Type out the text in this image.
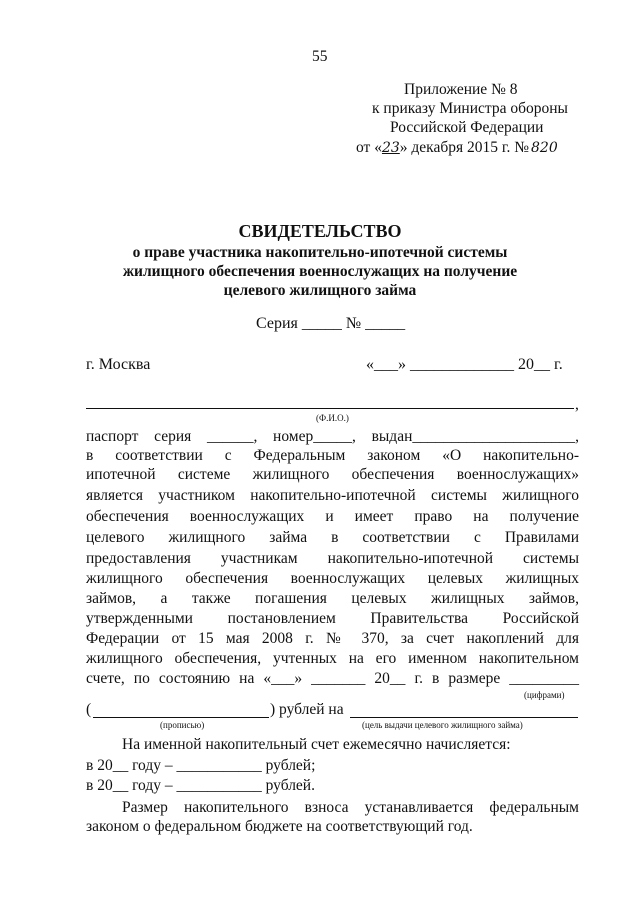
55
Приложение № 8
к приказу Министра обороны
Российской Федерации
от «23» декабря 2015 г. № 820
СВИДЕТЕЛЬСТВО
о праве участника накопительно-ипотечной системы
жилищного обеспечения военнослужащих на получение
целевого жилищного займа
Серия _____ № _____
г. Москва	«___» _____________ 20__ г.
,
(Ф.И.О.)
паспорт серия ______, номер_____, выдан_____________________,
в соответствии с Федеральным законом «О накопительно-
ипотечной системе жилищного обеспечения военнослужащих»
является участником накопительно-ипотечной системы жилищного
обеспечения военнослужащих и имеет право на получение
целевого жилищного займа в соответствии с Правилами
предоставления участникам накопительно-ипотечной системы
жилищного обеспечения военнослужащих целевых жилищных
займов, а также погашения целевых жилищных займов,
утвержденными постановлением Правительства Российской
Федерации от 15 мая 2008 г. № 370, за счет накоплений для
жилищного обеспечения, учтенных на его именном накопительном
счете, по состоянию на «___» _______ 20__ г. в размере _________
(цифрами)
(	) рублей на
(прописью)	(цель выдачи целевого жилищного займа)
На именной накопительный счет ежемесячно начисляется:
в 20__ году – ___________ рублей;
в 20__ году – ___________ рублей.
Размер накопительного взноса устанавливается федеральным
законом о федеральном бюджете на соответствующий год.
